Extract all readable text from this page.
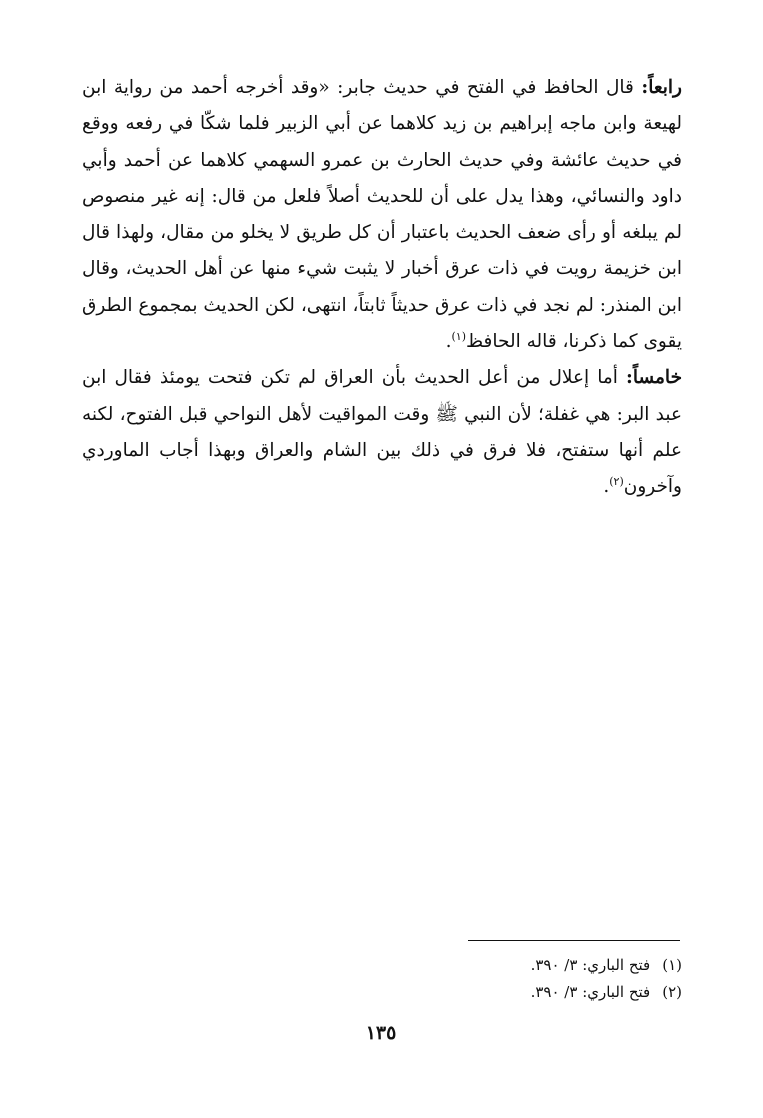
رابعاً: قال الحافظ في الفتح في حديث جابر: «وقد أخرجه أحمد من رواية ابن لهيعة وابن ماجه إبراهيم بن زيد كلاهما عن أبي الزبير فلما شكّا في رفعه ووقع في حديث عائشة وفي حديث الحارث بن عمرو السهمي كلاهما عن أحمد وأبي داود والنسائي، وهذا يدل على أن للحديث أصلاً فلعل من قال: إنه غير منصوص لم يبلغه أو رأى ضعف الحديث باعتبار أن كل طريق لا يخلو من مقال، ولهذا قال ابن خزيمة رويت في ذات عرق أخبار لا يثبت شيء منها عن أهل الحديث، وقال ابن المنذر: لم نجد في ذات عرق حديثاً ثابتاً، انتهى، لكن الحديث بمجموع الطرق يقوى كما ذكرنا، قاله الحافظ$^{(١)}$.

خامساً: أما إعلال من أعل الحديث بأن العراق لم تكن فتحت يومئذ فقال ابن عبد البر: هي غفلة؛ لأن النبي ﷺ وقت المواقيت لأهل النواحي قبل الفتوح، لكنه علم أنها ستفتح، فلا فرق في ذلك بين الشام والعراق وبهذا أجاب الماوردي وآخرون$^{(٢)}$.

(١)فتح الباري: ٣/ ٣٩٠.
(٢)فتح الباري: ٣/ ٣٩٠.
١٣٥
